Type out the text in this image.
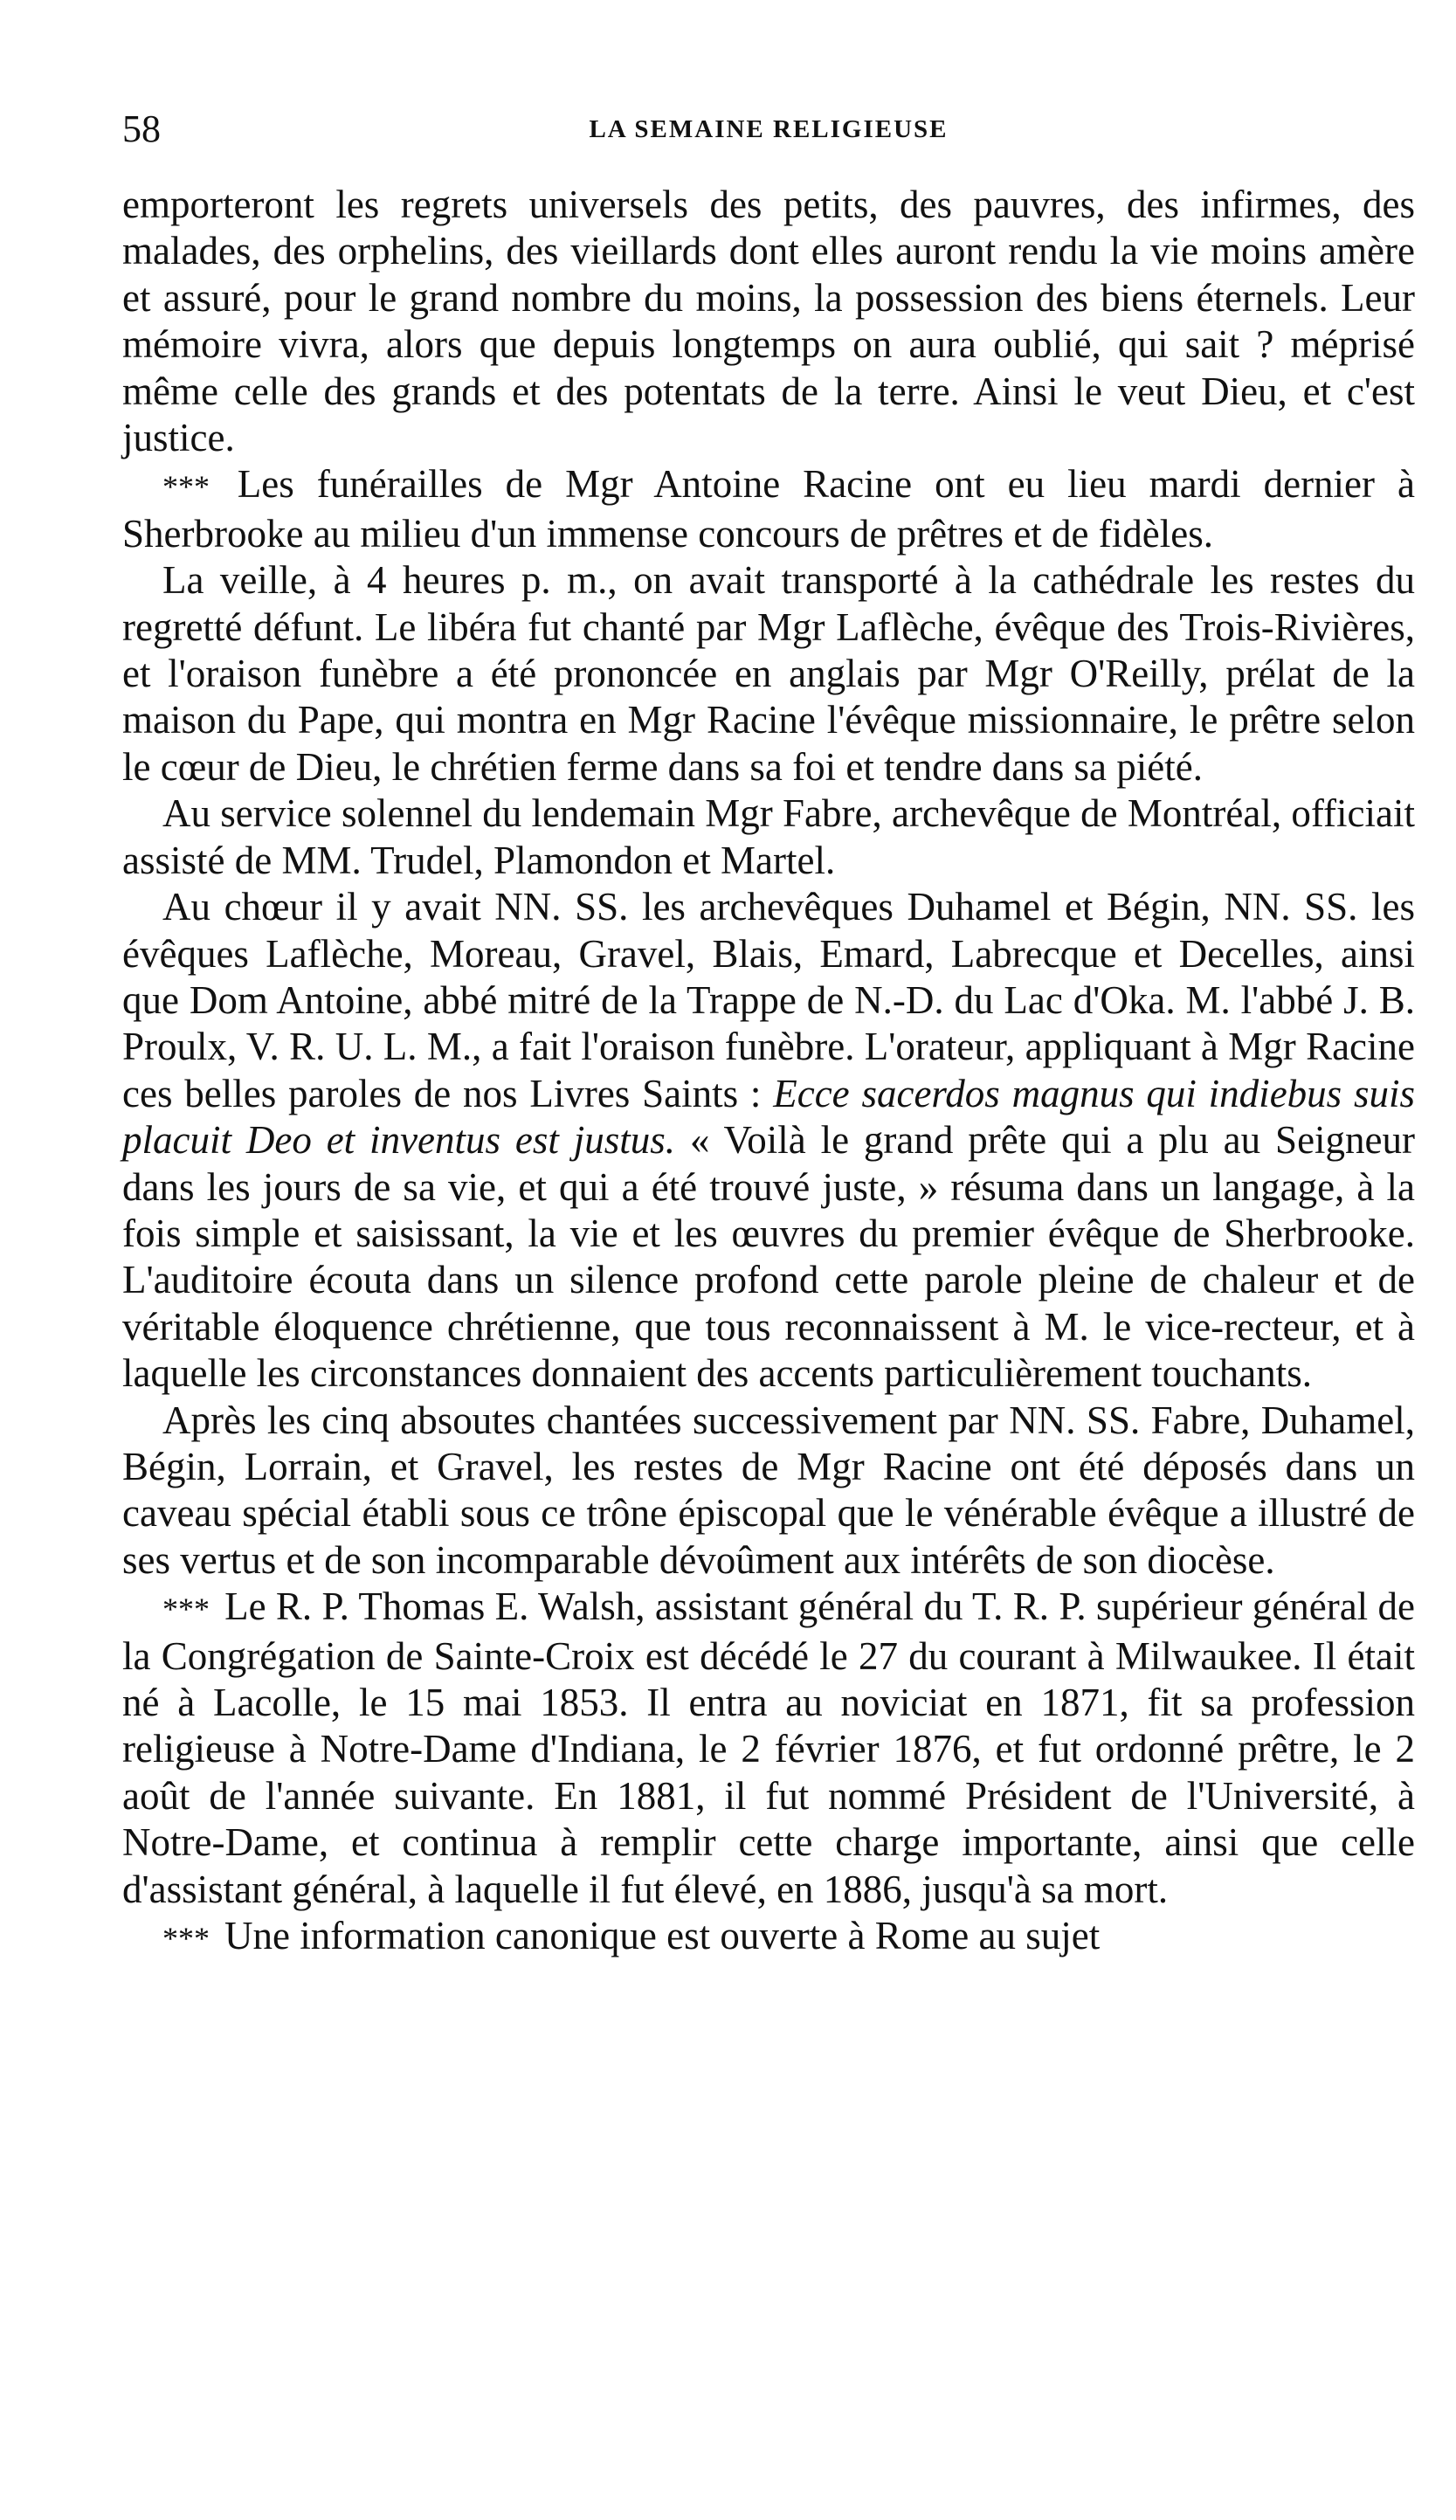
58	LA SEMAINE RELIGIEUSE

emporteront les regrets universels des petits, des pauvres, des infirmes, des malades, des orphelins, des vieillards dont elles auront rendu la vie moins amère et assuré, pour le grand nombre du moins, la possession des biens éternels. Leur mémoire vivra, alors que depuis longtemps on aura oublié, qui sait ? méprisé même celle des grands et des potentats de la terre. Ainsi le veut Dieu, et c'est justice.

*** Les funérailles de Mgr Antoine Racine ont eu lieu mardi dernier à Sherbrooke au milieu d'un immense concours de prêtres et de fidèles.

La veille, à 4 heures p. m., on avait transporté à la cathédrale les restes du regretté défunt. Le libéra fut chanté par Mgr Laflèche, évêque des Trois-Rivières, et l'oraison funèbre a été prononcée en anglais par Mgr O'Reilly, prélat de la maison du Pape, qui montra en Mgr Racine l'évêque missionnaire, le prêtre selon le cœur de Dieu, le chrétien ferme dans sa foi et tendre dans sa piété.

Au service solennel du lendemain Mgr Fabre, archevêque de Montréal, officiait assisté de MM. Trudel, Plamondon et Martel.

Au chœur il y avait NN. SS. les archevêques Duhamel et Bégin, NN. SS. les évêques Laflèche, Moreau, Gravel, Blais, Emard, Labrecque et Decelles, ainsi que Dom Antoine, abbé mitré de la Trappe de N.-D. du Lac d'Oka. M. l'abbé J. B. Proulx, V. R. U. L. M., a fait l'oraison funèbre. L'orateur, appliquant à Mgr Racine ces belles paroles de nos Livres Saints : Ecce sacerdos magnus qui indiebus suis placuit Deo et inventus est justus. « Voilà le grand prête qui a plu au Seigneur dans les jours de sa vie, et qui a été trouvé juste, » résuma dans un langage, à la fois simple et saisissant, la vie et les œuvres du premier évêque de Sherbrooke. L'auditoire écouta dans un silence profond cette parole pleine de chaleur et de véritable éloquence chrétienne, que tous reconnaissent à M. le vice-recteur, et à laquelle les circonstances donnaient des accents particulièrement touchants.

Après les cinq absoutes chantées successivement par NN. SS. Fabre, Duhamel, Bégin, Lorrain, et Gravel, les restes de Mgr Racine ont été déposés dans un caveau spécial établi sous ce trône épiscopal que le vénérable évêque a illustré de ses vertus et de son incomparable dévoûment aux intérêts de son diocèse.

*** Le R. P. Thomas E. Walsh, assistant général du T. R. P. supérieur général de la Congrégation de Sainte-Croix est décédé le 27 du courant à Milwaukee. Il était né à Lacolle, le 15 mai 1853. Il entra au noviciat en 1871, fit sa profession religieuse à Notre-Dame d'Indiana, le 2 février 1876, et fut ordonné prêtre, le 2 août de l'année suivante. En 1881, il fut nommé Président de l'Université, à Notre-Dame, et continua à remplir cette charge importante, ainsi que celle d'assistant général, à laquelle il fut élevé, en 1886, jusqu'à sa mort.

*** Une information canonique est ouverte à Rome au sujet
